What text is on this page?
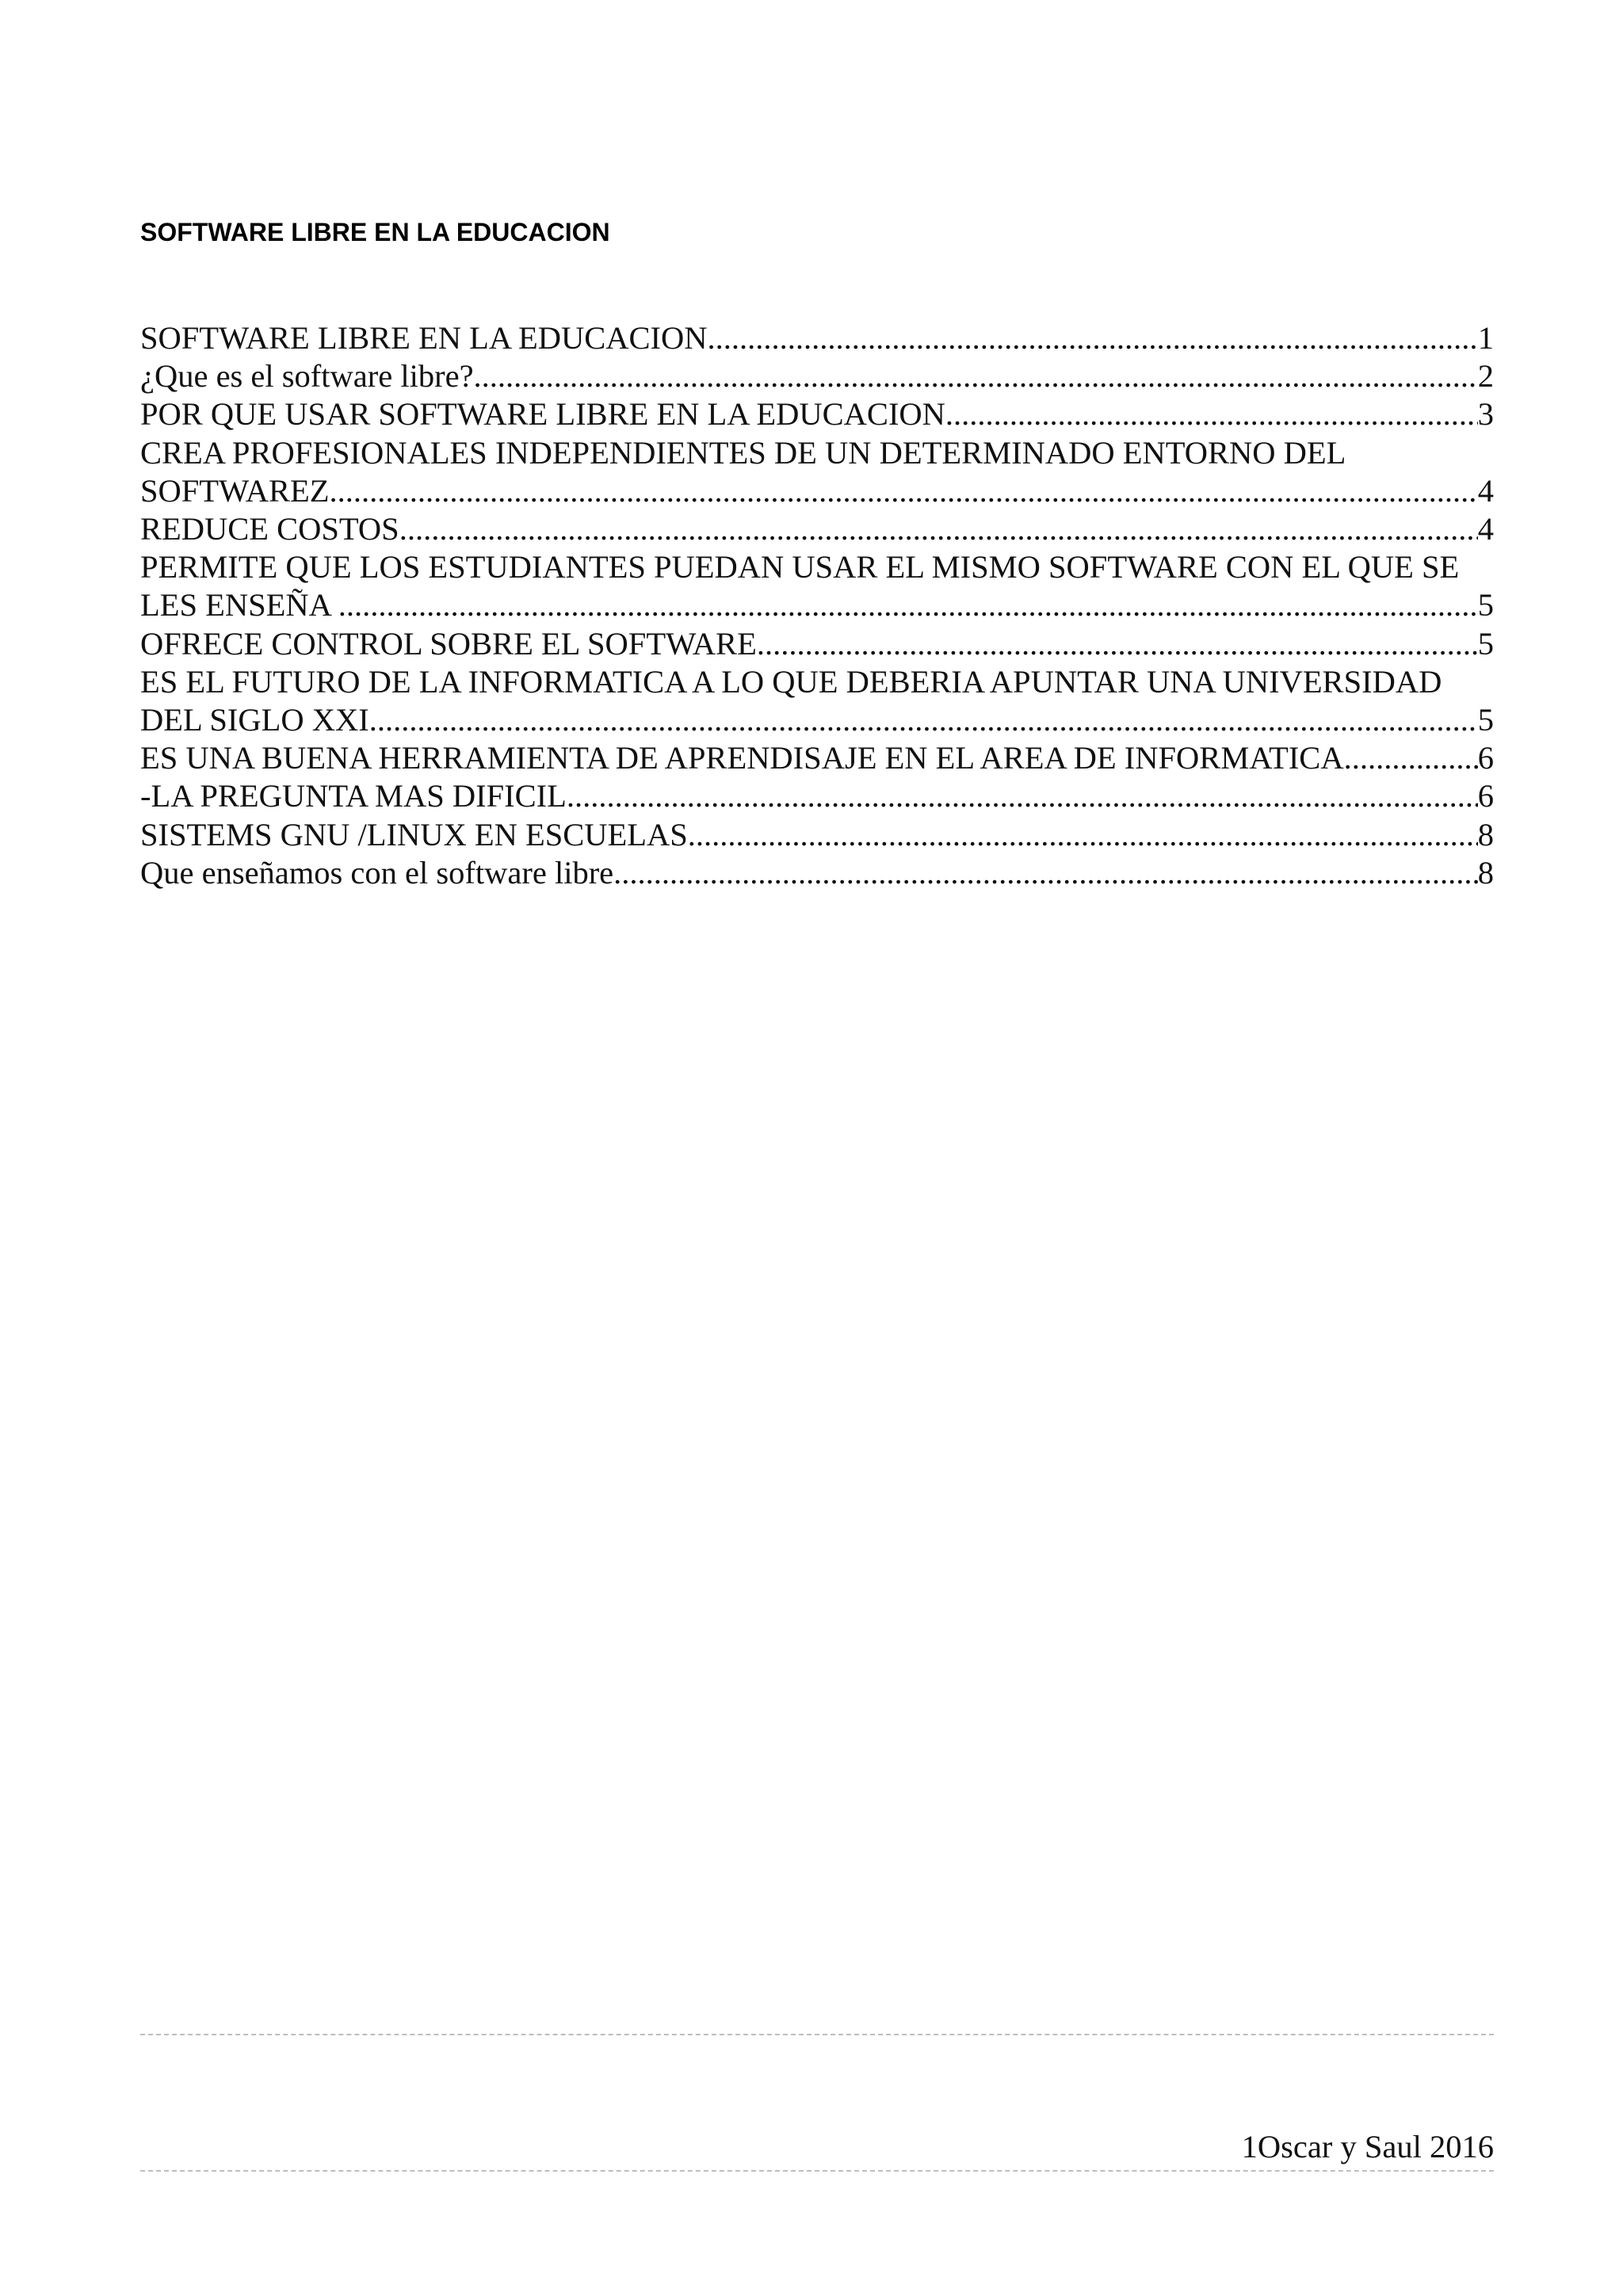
SOFTWARE LIBRE EN LA EDUCACION
SOFTWARE LIBRE EN LA EDUCACION .....	1
¿Que es el software libre? .....	2
POR QUE USAR SOFTWARE LIBRE EN LA EDUCACION .....	3
CREA PROFESIONALES INDEPENDIENTES DE UN DETERMINADO ENTORNO DEL
SOFTWAREZ .....	4
REDUCE COSTOS .....	4
PERMITE QUE LOS ESTUDIANTES PUEDAN USAR EL MISMO SOFTWARE CON EL QUE SE
LES ENSEÑA .....	5
OFRECE CONTROL SOBRE EL SOFTWARE .....	5
ES EL FUTURO DE LA INFORMATICA A LO QUE DEBERIA APUNTAR UNA UNIVERSIDAD
DEL SIGLO XXI .....	5
ES UNA BUENA HERRAMIENTA DE APRENDISAJE EN EL AREA DE INFORMATICA .....	6
-LA PREGUNTA MAS DIFICIL .....	6
SISTEMS GNU /LINUX EN ESCUELAS .....	8
Que enseñamos con el software libre .....	8
1Oscar y Saul 2016
